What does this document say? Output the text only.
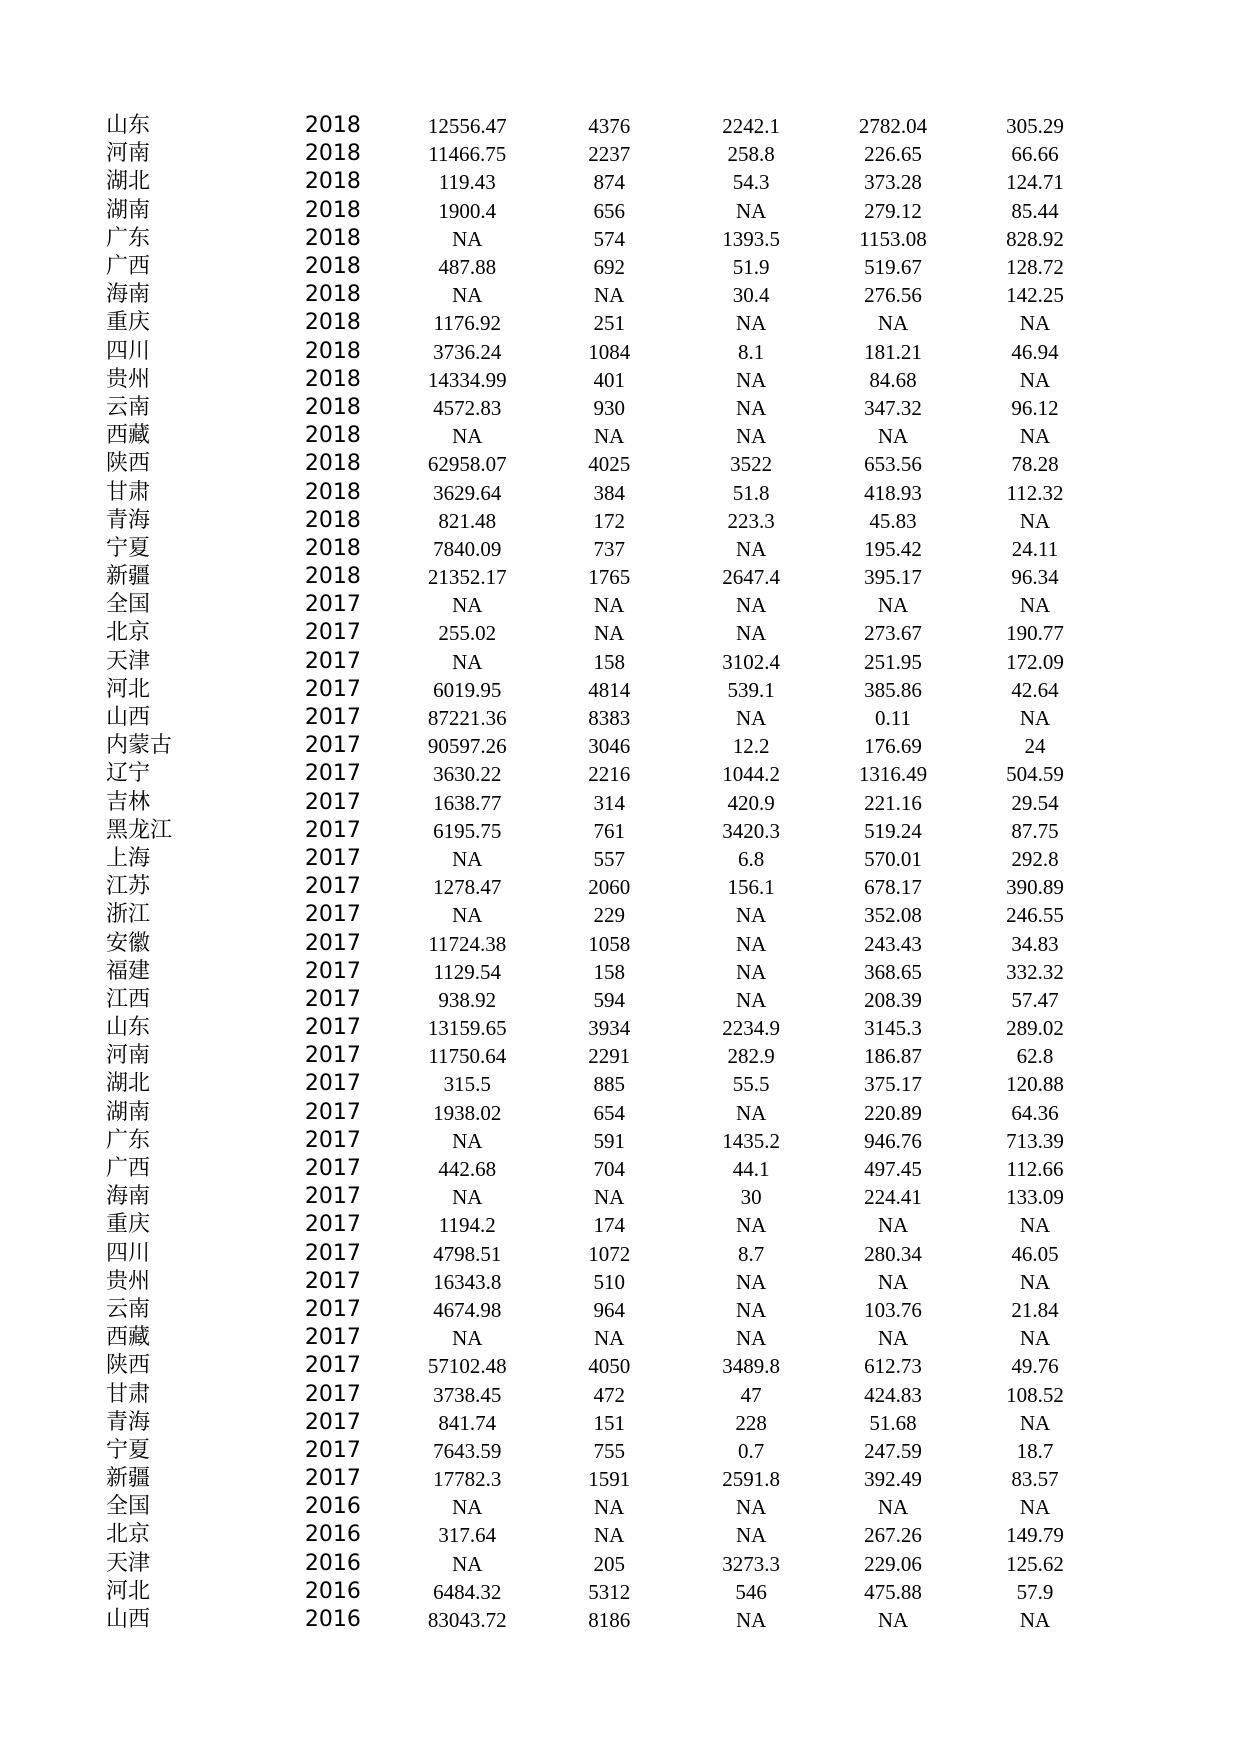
山东	2018	12556.47	4376	2242.1	2782.04	305.29
河南	2018	11466.75	2237	258.8	226.65	66.66
湖北	2018	119.43	874	54.3	373.28	124.71
湖南	2018	1900.4	656	NA	279.12	85.44
广东	2018	NA	574	1393.5	1153.08	828.92
广西	2018	487.88	692	51.9	519.67	128.72
海南	2018	NA	NA	30.4	276.56	142.25
重庆	2018	1176.92	251	NA	NA	NA
四川	2018	3736.24	1084	8.1	181.21	46.94
贵州	2018	14334.99	401	NA	84.68	NA
云南	2018	4572.83	930	NA	347.32	96.12
西藏	2018	NA	NA	NA	NA	NA
陕西	2018	62958.07	4025	3522	653.56	78.28
甘肃	2018	3629.64	384	51.8	418.93	112.32
青海	2018	821.48	172	223.3	45.83	NA
宁夏	2018	7840.09	737	NA	195.42	24.11
新疆	2018	21352.17	1765	2647.4	395.17	96.34
全国	2017	NA	NA	NA	NA	NA
北京	2017	255.02	NA	NA	273.67	190.77
天津	2017	NA	158	3102.4	251.95	172.09
河北	2017	6019.95	4814	539.1	385.86	42.64
山西	2017	87221.36	8383	NA	0.11	NA
内蒙古	2017	90597.26	3046	12.2	176.69	24
辽宁	2017	3630.22	2216	1044.2	1316.49	504.59
吉林	2017	1638.77	314	420.9	221.16	29.54
黑龙江	2017	6195.75	761	3420.3	519.24	87.75
上海	2017	NA	557	6.8	570.01	292.8
江苏	2017	1278.47	2060	156.1	678.17	390.89
浙江	2017	NA	229	NA	352.08	246.55
安徽	2017	11724.38	1058	NA	243.43	34.83
福建	2017	1129.54	158	NA	368.65	332.32
江西	2017	938.92	594	NA	208.39	57.47
山东	2017	13159.65	3934	2234.9	3145.3	289.02
河南	2017	11750.64	2291	282.9	186.87	62.8
湖北	2017	315.5	885	55.5	375.17	120.88
湖南	2017	1938.02	654	NA	220.89	64.36
广东	2017	NA	591	1435.2	946.76	713.39
广西	2017	442.68	704	44.1	497.45	112.66
海南	2017	NA	NA	30	224.41	133.09
重庆	2017	1194.2	174	NA	NA	NA
四川	2017	4798.51	1072	8.7	280.34	46.05
贵州	2017	16343.8	510	NA	NA	NA
云南	2017	4674.98	964	NA	103.76	21.84
西藏	2017	NA	NA	NA	NA	NA
陕西	2017	57102.48	4050	3489.8	612.73	49.76
甘肃	2017	3738.45	472	47	424.83	108.52
青海	2017	841.74	151	228	51.68	NA
宁夏	2017	7643.59	755	0.7	247.59	18.7
新疆	2017	17782.3	1591	2591.8	392.49	83.57
全国	2016	NA	NA	NA	NA	NA
北京	2016	317.64	NA	NA	267.26	149.79
天津	2016	NA	205	3273.3	229.06	125.62
河北	2016	6484.32	5312	546	475.88	57.9
山西	2016	83043.72	8186	NA	NA	NA
